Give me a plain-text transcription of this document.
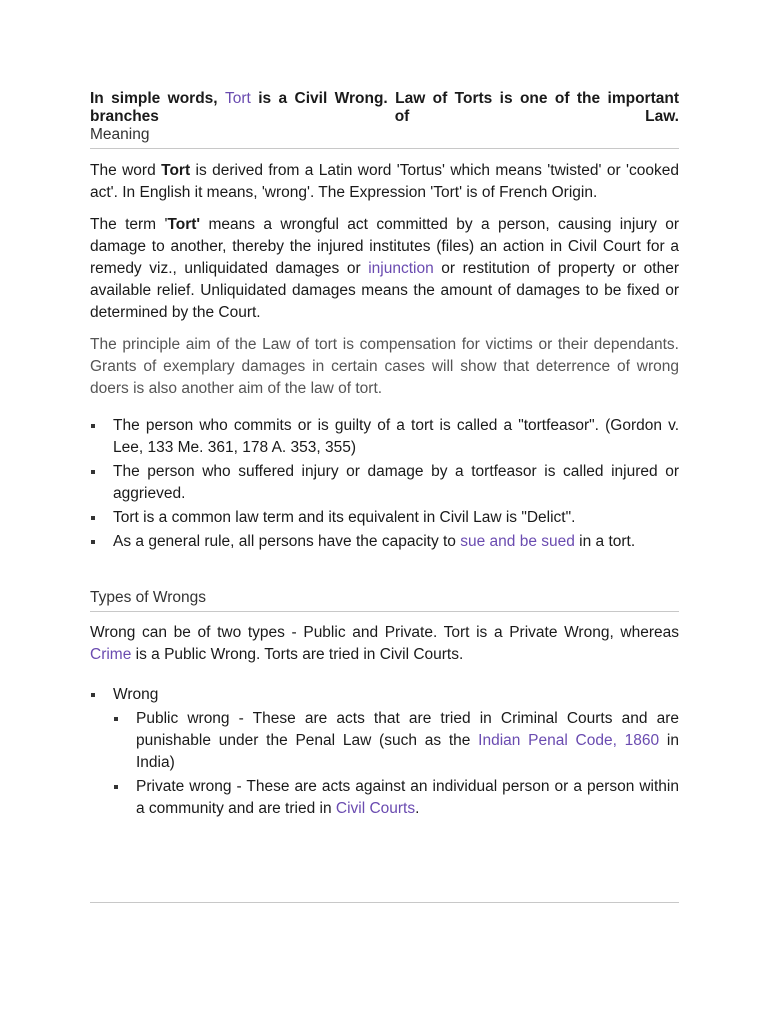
In simple words, Tort is a Civil Wrong. Law of Torts is one of the important branches of Law.
Meaning

The word Tort is derived from a Latin word 'Tortus' which means 'twisted' or 'cooked act'. In English it means, 'wrong'. The Expression 'Tort' is of French Origin.

The term 'Tort' means a wrongful act committed by a person, causing injury or damage to another, thereby the injured institutes (files) an action in Civil Court for a remedy viz., unliquidated damages or injunction or restitution of property or other available relief. Unliquidated damages means the amount of damages to be fixed or determined by the Court.

The principle aim of the Law of tort is compensation for victims or their dependants. Grants of exemplary damages in certain cases will show that deterrence of wrong doers is also another aim of the law of tort.

The person who commits or is guilty of a tort is called a "tortfeasor". (Gordon v. Lee, 133 Me. 361, 178 A. 353, 355)
The person who suffered injury or damage by a tortfeasor is called injured or aggrieved.
Tort is a common law term and its equivalent in Civil Law is "Delict".
As a general rule, all persons have the capacity to sue and be sued in a tort.
Types of Wrongs

Wrong can be of two types - Public and Private. Tort is a Private Wrong, whereas Crime is a Public Wrong. Torts are tried in Civil Courts.

Wrong
Public wrong - These are acts that are tried in Criminal Courts and are punishable under the Penal Law (such as the Indian Penal Code, 1860 in India)
Private wrong - These are acts against an individual person or a person within a community and are tried in Civil Courts.
